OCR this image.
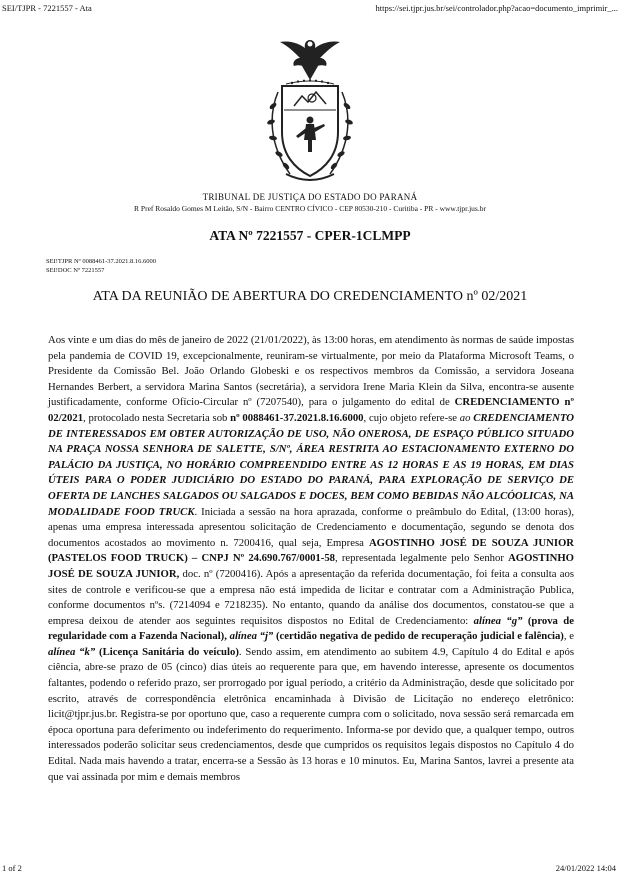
SEI/TJPR - 7221557 - Ata	https://sei.tjpr.jus.br/sei/controlador.php?acao=documento_imprimir_...
TRIBUNAL DE JUSTIÇA DO ESTADO DO PARANÁ
R Pref Rosaldo Gomes M Leitão, S/N - Bairro CENTRO CÍVICO - CEP 80530-210 - Curitiba - PR - www.tjpr.jus.br
ATA Nº 7221557 - CPER-1CLMPP
SEI!TJPR Nº 0088461-37.2021.8.16.6000
SEI!DOC Nº 7221557
ATA DA REUNIÃO DE ABERTURA DO CREDENCIAMENTO nº 02/2021

Aos vinte e um dias do mês de janeiro de 2022 (21/01/2022), às 13:00 horas, em atendimento às normas de saúde impostas pela pandemia de COVID 19, excepcionalmente, reuniram-se virtualmente, por meio da Plataforma Microsoft Teams, o Presidente da Comissão Bel. João Orlando Globeski e os respectivos membros da Comissão, a servidora Joseana Hernandes Berbert, a servidora Marina Santos (secretária), a servidora Irene Maria Klein da Silva, encontra-se ausente justificadamente, conforme Ofício-Circular nº (7207540), para o julgamento do edital de CREDENCIAMENTO nº 02/2021, protocolado nesta Secretaria sob nº 0088461-37.2021.8.16.6000, cujo objeto refere-se ao CREDENCIAMENTO DE INTERESSADOS EM OBTER AUTORIZAÇÃO DE USO, NÃO ONEROSA, DE ESPAÇO PÚBLICO SITUADO NA PRAÇA NOSSA SENHORA DE SALETTE, S/Nº, ÁREA RESTRITA AO ESTACIONAMENTO EXTERNO DO PALÁCIO DA JUSTIÇA, NO HORÁRIO COMPREENDIDO ENTRE AS 12 HORAS E AS 19 HORAS, EM DIAS ÚTEIS PARA O PODER JUDICIÁRIO DO ESTADO DO PARANÁ, PARA EXPLORAÇÃO DE SERVIÇO DE OFERTA DE LANCHES SALGADOS OU SALGADOS E DOCES, BEM COMO BEBIDAS NÃO ALCÓOLICAS, NA MODALIDADE FOOD TRUCK. Iniciada a sessão na hora aprazada, conforme o preâmbulo do Edital, (13:00 horas), apenas uma empresa interessada apresentou solicitação de Credenciamento e documentação, segundo se denota dos documentos acostados ao movimento n. 7200416, qual seja, Empresa AGOSTINHO JOSÉ DE SOUZA JUNIOR (PASTELOS FOOD TRUCK) – CNPJ Nº 24.690.767/0001-58, representada legalmente pelo Senhor AGOSTINHO JOSÉ DE SOUZA JUNIOR, doc. nº (7200416). Após a apresentação da referida documentação, foi feita a consulta aos sites de controle e verificou-se que a empresa não está impedida de licitar e contratar com a Administração Publica, conforme documentos nºs. (7214094 e 7218235). No entanto, quando da análise dos documentos, constatou-se que a empresa deixou de atender aos seguintes requisitos dispostos no Edital de Credenciamento: alínea “g” (prova de regularidade com a Fazenda Nacional), alínea “j” (certidão negativa de pedido de recuperação judicial e falência), e alínea “k” (Licença Sanitária do veículo). Sendo assim, em atendimento ao subitem 4.9, Capítulo 4 do Edital e após ciência, abre-se prazo de 05 (cinco) dias úteis ao requerente para que, em havendo interesse, apresente os documentos faltantes, podendo o referido prazo, ser prorrogado por igual período, a critério da Administração, desde que solicitado por escrito, através de correspondência eletrônica encaminhada à Divisão de Licitação no endereço eletrônico: licit@tjpr.jus.br. Registra-se por oportuno que, caso a requerente cumpra com o solicitado, nova sessão será remarcada em época oportuna para deferimento ou indeferimento do requerimento. Informa-se por devido que, a qualquer tempo, outros interessados poderão solicitar seus credenciamentos, desde que cumpridos os requisitos legais dispostos no Capítulo 4 do Edital. Nada mais havendo a tratar, encerra-se a Sessão às 13 horas e 10 minutos. Eu, Marina Santos, lavrei a presente ata que vai assinada por mim e demais membros

1 of 2	24/01/2022 14:04
